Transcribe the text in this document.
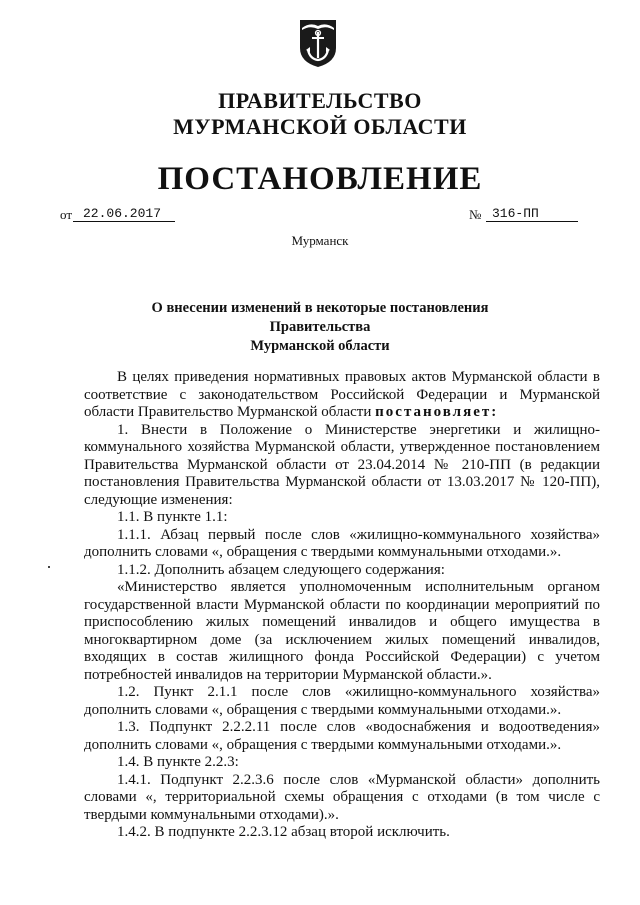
ПРАВИТЕЛЬСТВО
МУРМАНСКОЙ ОБЛАСТИ
ПОСТАНОВЛЕНИЕ
от 22.06.2017	№ 316-ПП
Мурманск
О внесении изменений в некоторые постановления Правительства
Мурманской области

В целях приведения нормативных правовых актов Мурманской области в соответствие с законодательством Российской Федерации и Мурманской области Правительство Мурманской области постановляет:

1. Внести в Положение о Министерстве энергетики и жилищно-коммунального хозяйства Мурманской области, утвержденное постановлением Правительства Мурманской области от 23.04.2014 № 210-ПП (в редакции постановления Правительства Мурманской области от 13.03.2017 № 120-ПП), следующие изменения:

1.1. В пункте 1.1:

1.1.1. Абзац первый после слов «жилищно-коммунального хозяйства» дополнить словами «, обращения с твердыми коммунальными отходами.».

1.1.2. Дополнить абзацем следующего содержания:

«Министерство является уполномоченным исполнительным органом государственной власти Мурманской области по координации мероприятий по приспособлению жилых помещений инвалидов и общего имущества в многоквартирном доме (за исключением жилых помещений инвалидов, входящих в состав жилищного фонда Российской Федерации) с учетом потребностей инвалидов на территории Мурманской области.».

1.2. Пункт 2.1.1 после слов «жилищно-коммунального хозяйства» дополнить словами «, обращения с твердыми коммунальными отходами.».

1.3. Подпункт 2.2.2.11 после слов «водоснабжения и водоотведения» дополнить словами «, обращения с твердыми коммунальными отходами.».

1.4. В пункте 2.2.3:

1.4.1. Подпункт 2.2.3.6 после слов «Мурманской области» дополнить словами «, территориальной схемы обращения с отходами (в том числе с твердыми коммунальными отходами).».

1.4.2. В подпункте 2.2.3.12 абзац второй исключить.
